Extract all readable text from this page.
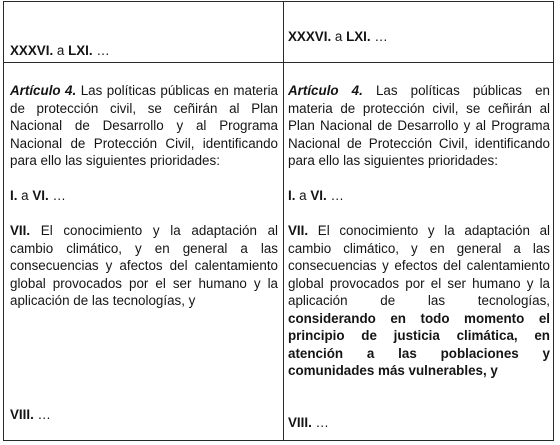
XXXVI. a LXI. …

XXXVI. a LXI. …

Artículo 4. Las políticas públicas en materia de protección civil, se ceñirán al Plan Nacional de Desarrollo y al Programa Nacional de Protección Civil, identificando para ello las siguientes prioridades:

I. a VI. …

VII. El conocimiento y la adaptación al cambio climático, y en general a las consecuencias y afectos del calentamiento global provocados por el ser humano y la aplicación de las tecnologías, y

VIII. …

Artículo 4. Las políticas públicas en materia de protección civil, se ceñirán al Plan Nacional de Desarrollo y al Programa Nacional de Protección Civil, identificando para ello las siguientes prioridades:

I. a VI. …

VII. El conocimiento y la adaptación al cambio climático, y en general a las consecuencias y efectos del calentamiento global provocados por el ser humano y la aplicación de las tecnologías, considerando en todo momento el principio de justicia climática, en atención a las poblaciones y comunidades más vulnerables, y

VIII. …
